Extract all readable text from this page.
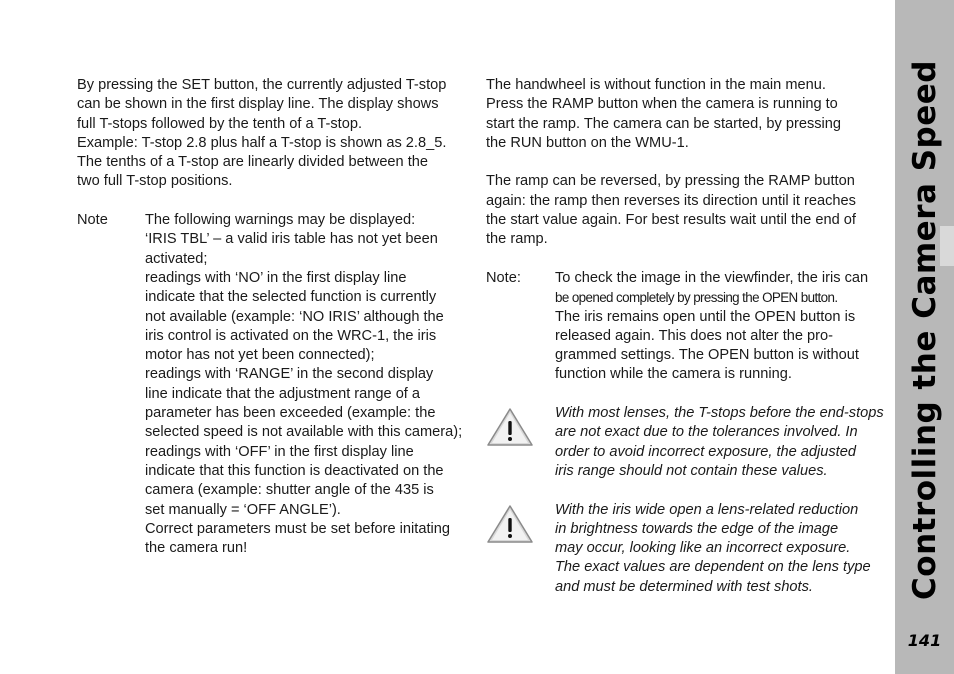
By pressing the SET button, the currently adjusted T-stop

can be shown in the first display line. The display shows

full T-stops followed by the tenth of a T-stop.

Example: T-stop 2.8 plus half a T-stop is shown as 2.8_5.

The tenths of a T-stop are linearly divided between the

two full T-stop positions.

Note	The following warnings may be displayed:

‘IRIS TBL’ – a valid iris table has not yet been

activated;

readings with ‘NO’ in the first display line

indicate that the selected function is currently

not available (example: ‘NO IRIS’ although the

iris control is activated on the WRC-1, the iris

motor has not yet been connected);

readings with ‘RANGE’ in the second display

line indicate that the adjustment range of a

parameter has been exceeded (example: the

selected speed is not available with this camera);

readings with ‘OFF’ in the first display line

indicate that this function is deactivated on the

camera (example: shutter angle of the 435 is

set manually = ‘OFF ANGLE’).

Correct parameters must be set before initating

the camera run!

The handwheel is without function in the main menu.

Press the RAMP button when the camera is running to

start the ramp. The camera can be started, by pressing

the RUN button on the WMU-1.

The ramp can be reversed, by pressing the RAMP button

again: the ramp then reverses its direction until it reaches

the start value again. For best results wait until the end of

the ramp.

Note:	To check the image in the viewfinder, the iris can

be opened completely by pressing the OPEN button.

The iris remains open until the OPEN button is

released again. This does not alter the pro-

grammed settings. The OPEN button is without

function while the camera is running.

With most lenses, the T-stops before the end-stops

are not exact due to the tolerances involved. In

order to avoid incorrect exposure, the adjusted

iris range should not contain these values.

With the iris wide open a lens-related reduction

in brightness towards the edge of the image

may occur, looking like an incorrect exposure.

The exact values are dependent on the lens type

and must be determined with test shots.	Controlling the Camera Speed
141
